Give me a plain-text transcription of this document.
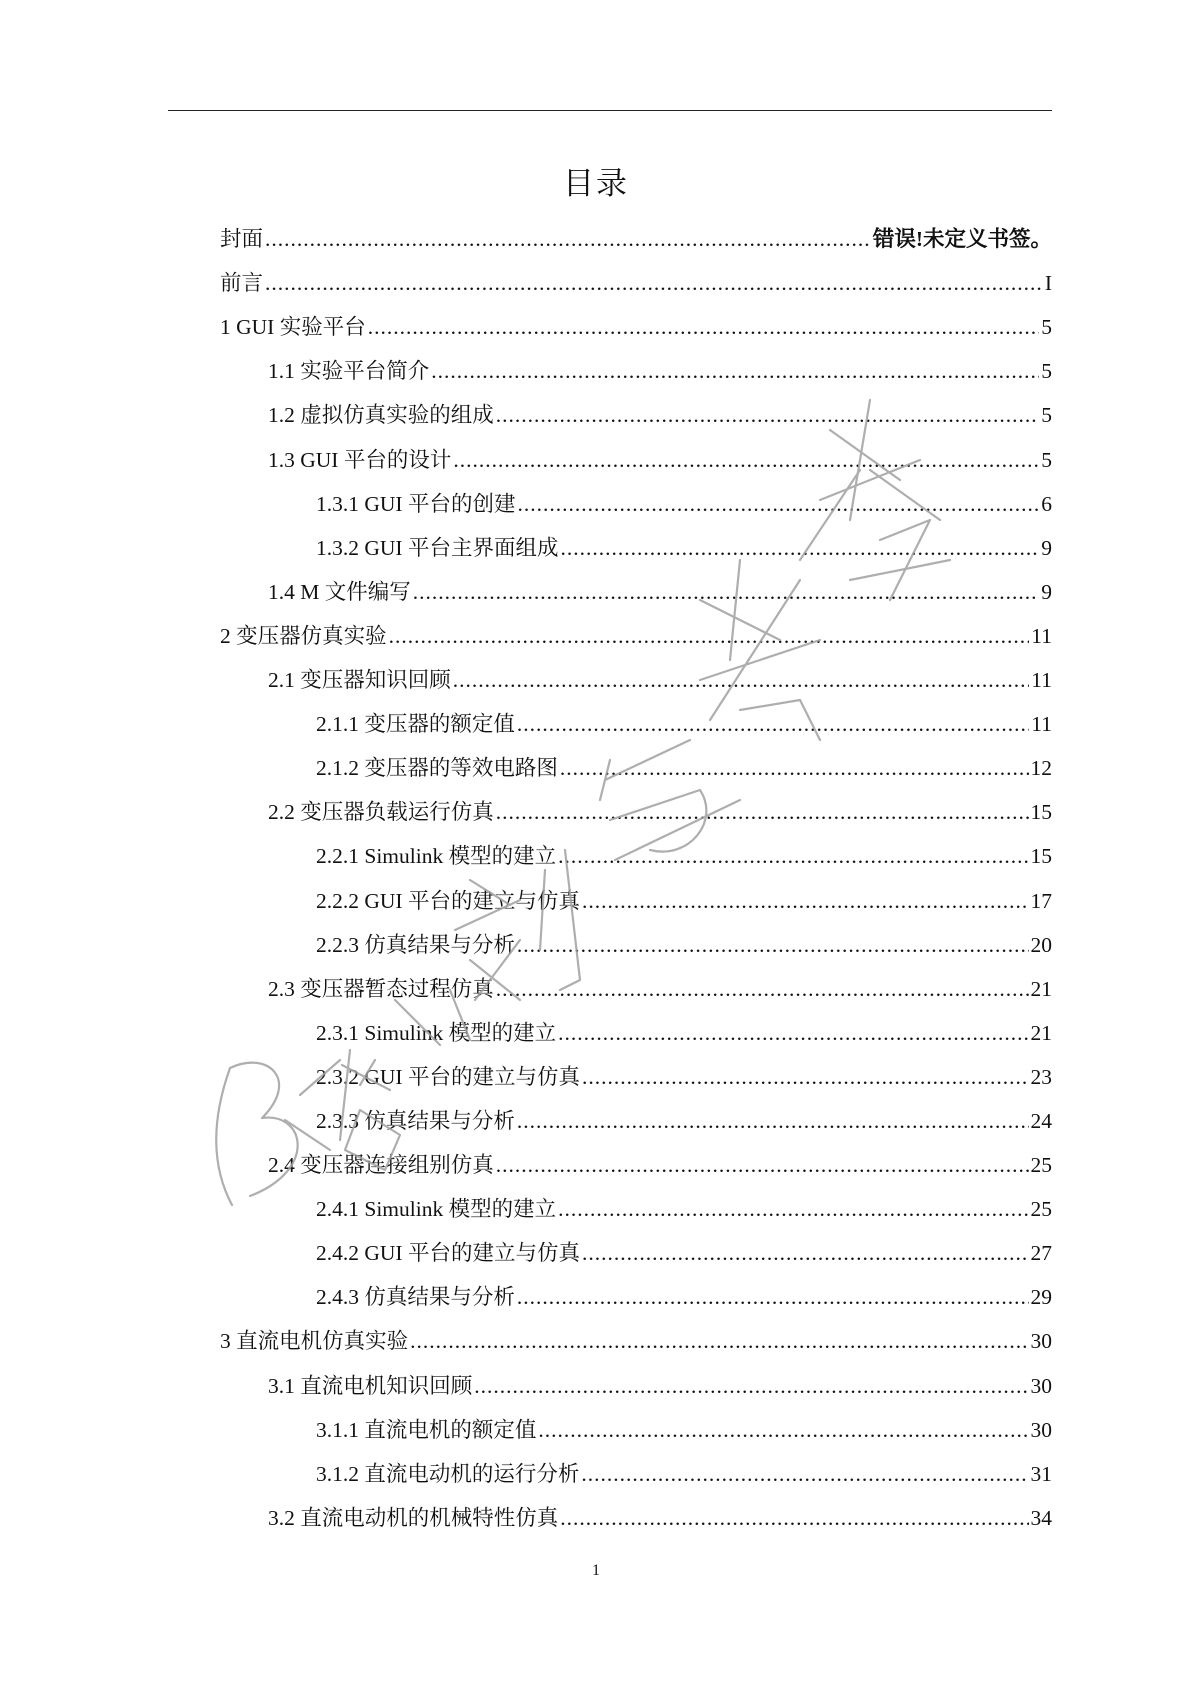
目录
封面 .....	错误!未定义书签。
前言 .....	I
1 GUI 实验平台 .....	5
1.1 实验平台简介 .....	5
1.2 虚拟仿真实验的组成 .....	5
1.3 GUI 平台的设计 .....	5
1.3.1 GUI 平台的创建 .....	6
1.3.2 GUI 平台主界面组成 .....	9
1.4 M 文件编写 .....	9
2 变压器仿真实验 .....	11
2.1 变压器知识回顾 .....	11
2.1.1 变压器的额定值 .....	11
2.1.2 变压器的等效电路图 .....	12
2.2 变压器负载运行仿真 .....	15
2.2.1 Simulink 模型的建立 .....	15
2.2.2 GUI 平台的建立与仿真 .....	17
2.2.3 仿真结果与分析 .....	20
2.3 变压器暂态过程仿真 .....	21
2.3.1 Simulink 模型的建立 .....	21
2.3.2 GUI 平台的建立与仿真 .....	23
2.3.3 仿真结果与分析 .....	24
2.4 变压器连接组别仿真 .....	25
2.4.1 Simulink 模型的建立 .....	25
2.4.2 GUI 平台的建立与仿真 .....	27
2.4.3 仿真结果与分析 .....	29
3 直流电机仿真实验 .....	30
3.1 直流电机知识回顾 .....	30
3.1.1 直流电机的额定值 .....	30
3.1.2 直流电动机的运行分析 .....	31
3.2 直流电动机的机械特性仿真 .....	34
1
